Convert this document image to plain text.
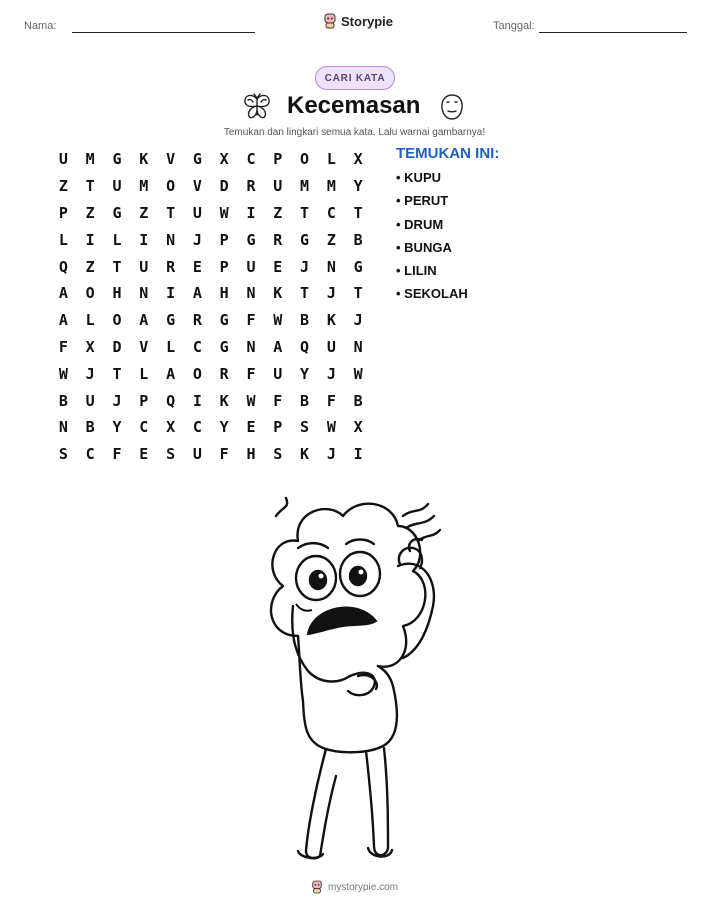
Nama:	Storypie	Tanggal:
CARI KATA
Kecemasan
Temukan dan lingkari semua kata. Lalu warnai gambarnya!
U	M	G	K	V	G	X	C	P	O	L	X
Z	T	U	M	O	V	D	R	U	M	M	Y
P	Z	G	Z	T	U	W	I	Z	T	C	T
L	I	L	I	N	J	P	G	R	G	Z	B
Q	Z	T	U	R	E	P	U	E	J	N	G
A	O	H	N	I	A	H	N	K	T	J	T
A	L	O	A	G	R	G	F	W	B	K	J
F	X	D	V	L	C	G	N	A	Q	U	N
W	J	T	L	A	O	R	F	U	Y	J	W
B	U	J	P	Q	I	K	W	F	B	F	B
N	B	Y	C	X	C	Y	E	P	S	W	X
S	C	F	E	S	U	F	H	S	K	J	I
TEMUKAN INI:
• KUPU
• PERUT
• DRUM
• BUNGA
• LILIN
• SEKOLAH
mystorypie.com
